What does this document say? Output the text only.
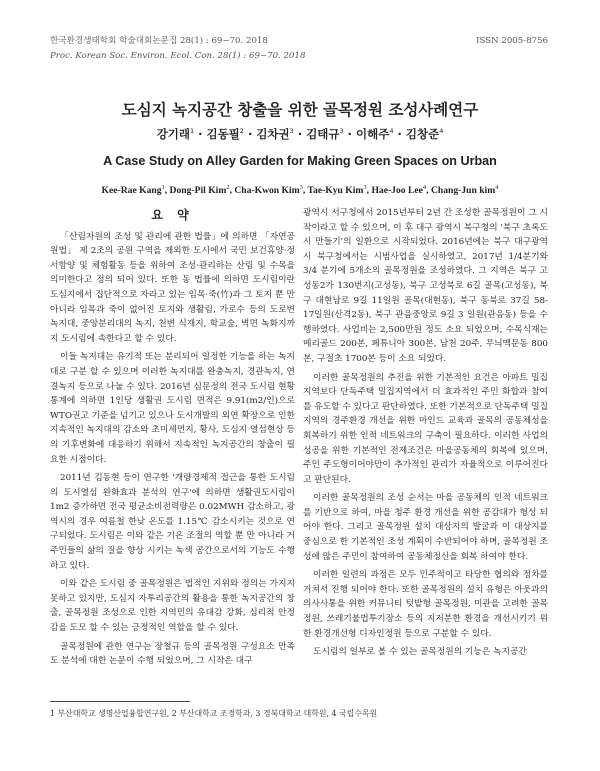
한국환경생태학회 학술대회논문집 28(1) : 69~70. 2018	ISSN 2005-8756
Proc. Korean Soc. Environ. Ecol. Con. 28(1) : 69~70. 2018
도심지 녹지공간 창출을 위한 골목정원 조성사례연구
강기래$^1$ · 김동필$^2$ · 김차권$^3$ · 김태규$^3$ · 이해주$^4$ · 김창준$^4$
A Case Study on Alley Garden for Making Green Spaces on Urban
Kee-Rae Kang$^1$, Dong-Pil Kim$^2$, Cha-Kwon Kim$^3$, Tae-Kyu Kim$^3$, Hae-Joo Lee$^4$, Chang-Jun kim$^4$
요 약

「산림자원의 조성 및 관리에 관한 법률」에 의하면 「자연공원법」 제 2조의 공원 구역을 제외한 도시에서 국민 보건휴양·정서함양 및 체험활동 등을 위하여 조성·관리하는 산림 및 수목을 의미한다고 정의 되어 있다. 또한 동 법률에 의하면 도시림이란 도심지에서 집단적으로 자라고 있는 임목·죽(竹)과 그 토지 뿐 만 아니라 임목과 죽이 없어진 토지와 생활림, 가로수 등의 도로변 녹지대, 중앙분리대의 녹지, 천변 식재지, 학교숲, 벽면 녹화지까지 도시림에 속한다고 할 수 있다.

이들 녹지대는 유기적 또는 분리되어 일정한 기능을 하는 녹지대로 구분 할 수 있으며 이러한 녹지대를 완충녹지, 경관녹지, 연결녹지 등으로 나눌 수 있다. 2016년 심문정의 전국 도시림 현황통계에 의하면 1인당 생활권 도시림 면적은 9.91(m2/인)으로 WTO권고 기준을 넘기고 있으나 도시개발의 외연 확장으로 인한 지속적인 녹지대의 감소와 초미세먼지, 황사, 도심지 열섬현상 등의 기후변화에 대응하기 위해서 지속적인 녹지공간의 창출이 필요한 시점이다.

2011년 김동현 등이 연구한 '개량경제적 접근을 통한 도시림의 도시열섬 완화효과 분석의 연구'에 의하면 생활권도시림이 1m2 증가하면 전국 평균소비전력량은 0.02MWH 감소하고, 광역시의 경우 여름철 한낮 온도를 1.15℃ 감소시키는 것으로 연구되었다. 도시림은 이와 같은 기온 조절의 역할 뿐 만 아니라 거주민들의 삶의 질을 향상 시키는 녹색 공간으로서의 기능도 수행 하고 있다.

이와 같은 도시림 중 골목정원은 법적인 지위와 정의는 가지지 못하고 있지만, 도심지 자투리공간의 활용을 통한 녹지공간의 창출, 골목정원 조성으로 인한 지역민의 유대감 강화, 심리적 안정감을 도모 할 수 있는 긍정적인 역할을 할 수 있다.

골목정원에 관한 연구는 장철규 등의 골목정원 구성요소 만족도 분석에 대한 논문이 수행 되었으며, 그 시작은 대구

광역시 서구청에서 2015년부터 2년 간 조성한 골목정원이 그 시작이라고 할 수 있으며, 이 후 대구 광역시 북구청의 '북구 초록도시 만들기'의 일환으로 시작되었다. 2016년에는 북구 대구광역시 북구청에서는 시범사업을 실시하였고, 2017년 1/4분기와 3/4 분기에 5개소의 골목정원을 조성하였다. 그 지역은 북구 고성동2가 130번지(고성동), 북구 고성북로 6길 골목(고성동), 북구 대현남로 9길 11일원 골목(대현동), 북구 동북로 37길 58-17일원(산격2동), 북구 관음중앙로 9길 3 일원(관음동) 등을 수행하였다. 사업비는 2,500만원 정도 소요 되었으며, 수목식재는 메리골드 200본, 페튜니아 300본, 남천 20주, 무늬맥문동 800본, 구절초 1700본 등이 소요 되었다.

이러한 골목정원의 추진을 위한 기본적인 요건은 아파트 밀집지역보다 단독주택 밀집지역에서 더 효과적인 주민 화합과 참여를 유도할 수 있다고 판단하였다. 또한 기본적으로 단독주택 밀집지역의 경주환경 개선을 위한 마인드 교육과 골목의 공동체성을 회복하기 위한 인적 네트워크의 구축이 필요하다. 이러한 사업의 성공을 위한 기본적인 전제조건은 마을공동체의 회복에 있으며, 주민 주도형이어야만이 추가적인 관리가 자율적으로 이루어진다고 판단된다.

이러한 골목정원의 조성 순서는 마을 공동체의 인적 네트워크를 기반으로 하여, 마을 청주 환경 개선을 위한 공감대가 형성 되어야 한다. 그리고 골목정원 설치 대상지의 발굴과 이 대상지를 중심으로 한 기본적인 조성 계획이 수반되어야 하며, 골목정원 조성에 많은 주민이 참여하여 공동체정신을 회복 하여야 한다.

이러한 일련의 과정은 모두 민주적이고 타당한 협의와 정차를 거쳐서 진행 되어야 한다. 또한 골목정원의 설치 유형은 아웃과의 의사사통을 위한 커뮤니티 텃밭형 골목정원, 미관을 고려한 골목정원, 쓰레기불법투기장소 등의 지저분한 환경을 개선시키기 위한 환경개선형 디자인정원 등으로 구분할 수 있다.

도시림의 일부로 볼 수 있는 골목정원의 기능은 녹지공간

1 부산대학교 생명산업융합연구원, 2 부산대학교 조경학과, 3 경북대학교 대학원, 4 국립수목원
